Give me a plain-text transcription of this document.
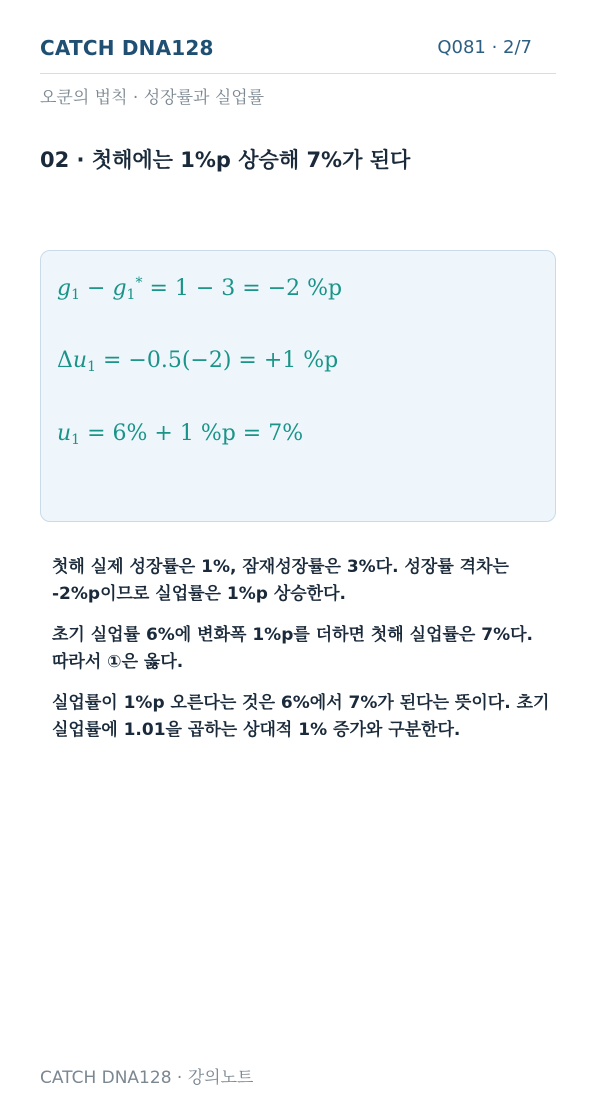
CATCH DNA128	Q081 · 2/7
오쿤의 법칙 · 성장률과 실업률
02 · 첫해에는 1%p 상승해 7%가 된다
$g_1 - g_1^* = 1 - 3 = -2$ %p
$\Delta u_1 = -0.5(-2) = +1$ %p
$u_1 = 6\% + 1$ %p = 7%

첫해 실제 성장률은 1%, 잠재성장률은 3%다. 성장률 격차는 -2%p이므로 실업률은 1%p 상승한다.

초기 실업률 6%에 변화폭 1%p를 더하면 첫해 실업률은 7%다. 따라서 ①은 옳다.

실업률이 1%p 오른다는 것은 6%에서 7%가 된다는 뜻이다. 초기 실업률에 1.01을 곱하는 상대적 1% 증가와 구분한다.

CATCH DNA128 · 강의노트
